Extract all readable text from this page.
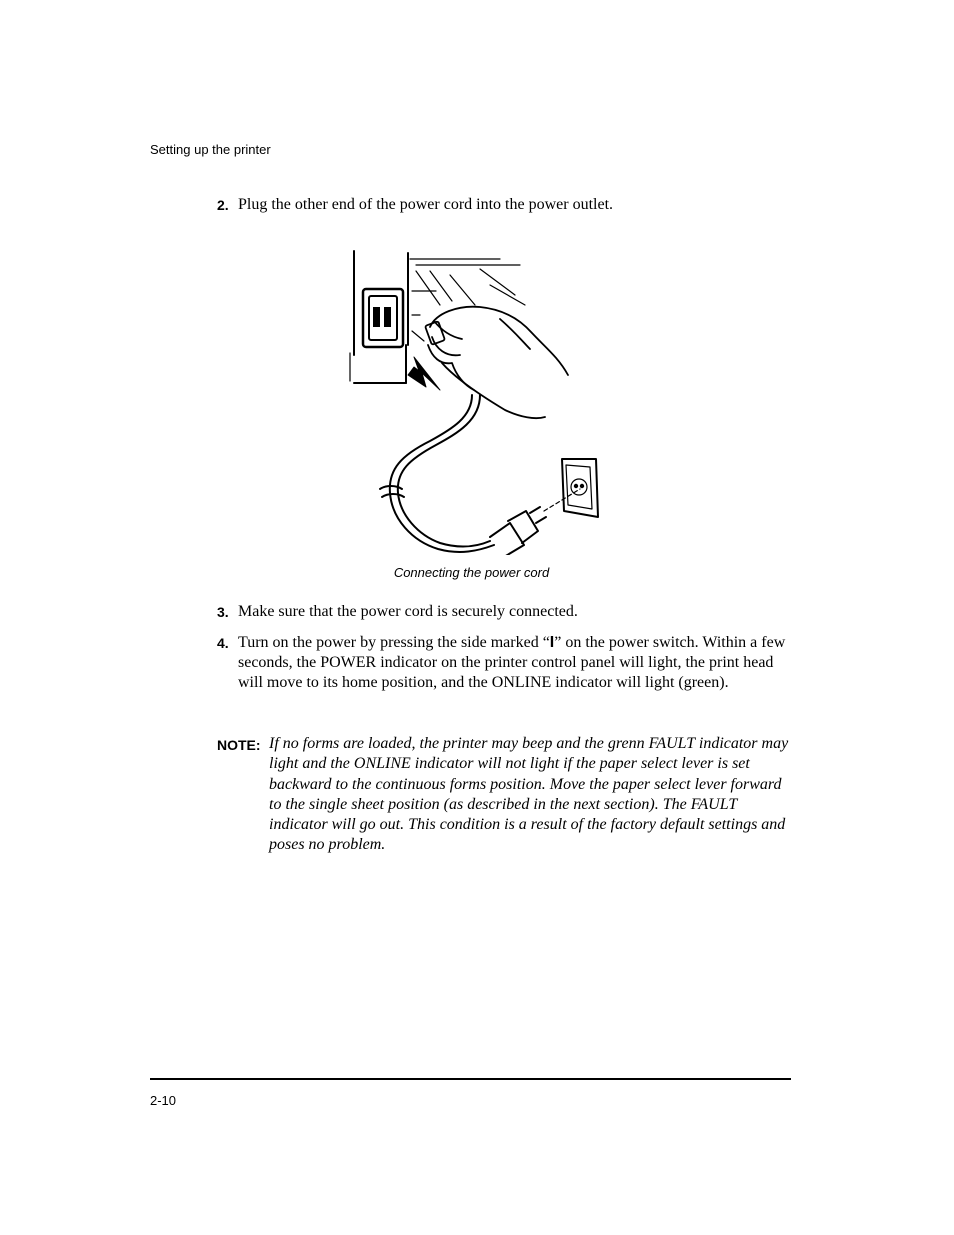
Setting up the printer
2. Plug the other end of the power cord into the power outlet.
Connecting the power cord
3. Make sure that the power cord is securely connected.
4. Turn on the power by pressing the side marked “I” on the power switch. Within a few seconds, the POWER indicator on the printer control panel will light, the print head will move to its home position, and the ONLINE indicator will light (green).
NOTE: If no forms are loaded, the printer may beep and the grenn FAULT indicator may light and the ONLINE indicator will not light if the paper select lever is set backward to the continuous forms position. Move the paper select lever forward to the single sheet position (as described in the next section). The FAULT indicator will go out. This condition is a result of the factory default settings and poses no problem.
2-10
